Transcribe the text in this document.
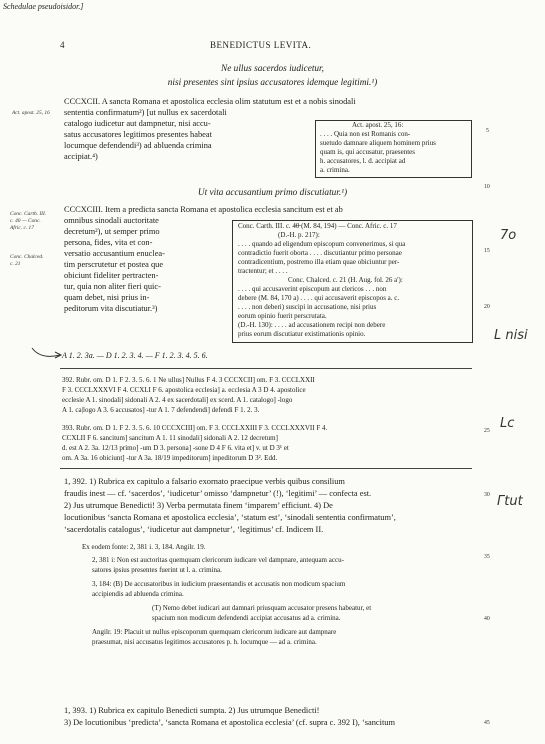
Schedulae pseudoisidor.]
4	BENEDICTUS LEVITA.
Ne ullus sacerdos iudicetur,
nisi presentes sint ipsius accusatores idemque legitimi.¹)
CCCXCII. A sancta Romana et apostolica ecclesia olim statutum est et a nobis sinodali
sententia confirmatum²) [ut nullus ex sacerdotali
catalogo iudicetur aut dampnetur, nisi accu-
satus accusatores legitimos presentes habeat
locumque defendendi³) ad abluenda crimina
accipiat.⁴)
Act. apost. 25, 16
Act. apost. 25, 16:
. . . . Quia non est Romanis con-
suetudo damnare aliquem hominem prius
quam is, qui accusatur, praesentes
h. accusatores, l. d. accipiat ad
a. crimina.
Ut vita accusantium primo discutiatur.¹)
CCCXCIII. Item a predicta sancta Romana et apostolica ecclesia sancitum est et ab
omnibus sinodali auctoritate
decretum²), ut semper primo
persona, fides, vita et con-
versatio accusantium enuclea-
tim perscrutetur et postea que
obiciunt fideliter pertracten-
tur, quia non aliter fieri quic-
quam debet, nisi prius in-
peditorum vita discutiatur.³)
Conc. Carth. III.
c. 40 — Conc.
Afric. c. 17
Conc. Chalced.
c. 21
Conc. Carth. III. c. 4̶0̶ (M. 84, 194) — Conc. Afric. c. 17
(D.-H. p. 217):
. . . . quando ad eligendum episcopum convenerimus, si qua
contradictio fuerit oborta . . . . discutiantur primo personae
contradicentium, postremo illa etiam quae obiciuntur per-
tractentur; et . . . .
Conc. Chalced. c. 21 (H. Aug. fol. 26 a'):
. . . . qui accusaverint episcopum aut clericos . . . non
debere (M. 84, 170 a) . . . . qui accusaverit episcopos a. c.
. . . . non deberi) suscipi in accusatione, nisi prius
eorum opinio fuerit perscrutata.
(D.-H. 130): . . . . ad accusationem recipi non debere
prius eorum discutiatur existimationis opinio.
A 1. 2. 3a. — D 1. 2. 3. 4. — F 1. 2. 3. 4. 5. 6.
392. Rubr. om. D 1. F 2. 3. 5. 6. 1 Ne ullus] Nullus F 4. 3 CCCXCII] om. F 3. CCCLXXII
F 3. CCCLXXXVI F 4. CCXLI F 6. apostolica ecclesia] a. ecclesia A 3 D 4. apostolice
ecclesie A 1. sinodali] sidonali A 2. 4 ex sacerdotali] ex scerd. A 1. catalogo] -logo
A 1. ca|logo A 3. 6 accusatos] -tur A 1. 7 defendendi] defendi F 1. 2. 3.
393. Rubr. om. D 1. F 2. 3. 5. 6. 10 CCCXCIII] om. F 3. CCCLXXIII F 3. CCCLXXXVII F 4.
CCXLII F 6. sancitum] sancitum A 1. 11 sinodali] sidonali A 2. 12 decretum]
d. est A 2. 3a. 12/13 primo] -um D 3. persona] -sone D 4 F 6. vita et] v. ut D 3¹ et
om. A 3a. 16 obiciunt] -tur A 3a. 18/19 impeditorum] inpeditorum D 3². Edd.
1, 392. 1) Rubrica ex capitulo a falsario exornato praecipue verbis quibus consilium
fraudis inest — cf. ‘sacerdos’, ‘iudicetur’ omisso ‘dampnetur’ (!), ‘legitimi’ — confecta est.
2) Jus utrumque Benedicti! 3) Verba permutata finem ‘imparem’ efficiunt. 4) De
locutionibus ‘sancta Romana et apostolica ecclesia’, ‘statum est’, ‘sinodali sententia confirmatum’,
‘sacerdotalis catalogus’, ‘iudicetur aut dampnetur’, ‘legitimus’ cf. Indicem II.
Ex eodem fonte: 2, 381 i. 3, 184. Angilr. 19.
2, 381 i: Non est auctoritas quemquam clericorum iudicare vel dampnare, antequam accu-
satores ipsius presentes fuerint ut l. a. crimina.
3, 184: (B) De accusatoribus in iudicium praesentandis et accusatis non modicum spacium
accipiendis ad abluenda crimina.
(T) Nemo debet iudicari aut damnari priusquam accusator presens habeatur, et
spacium non modicum defendendi accipiat accusatus ad a. crimina.
Angilr. 19: Placuit ut nullus episcoporum quemquam clericorum iudicare aut dampnare
praesumat, nisi accusatus legitimos accusatores p. h. locumque — ad a. crimina.
1, 393. 1) Rubrica ex capitulo Benedicti sumpta. 2) Jus utrumque Benedicti!
3) De locutionibus ‘predicta’, ‘sancta Romana et apostolica ecclesia’ (cf. supra c. 392 I), ‘sancitum
5
10
15
20
25
30
35
40
45
7o
L nisi
Lc
Γtut
